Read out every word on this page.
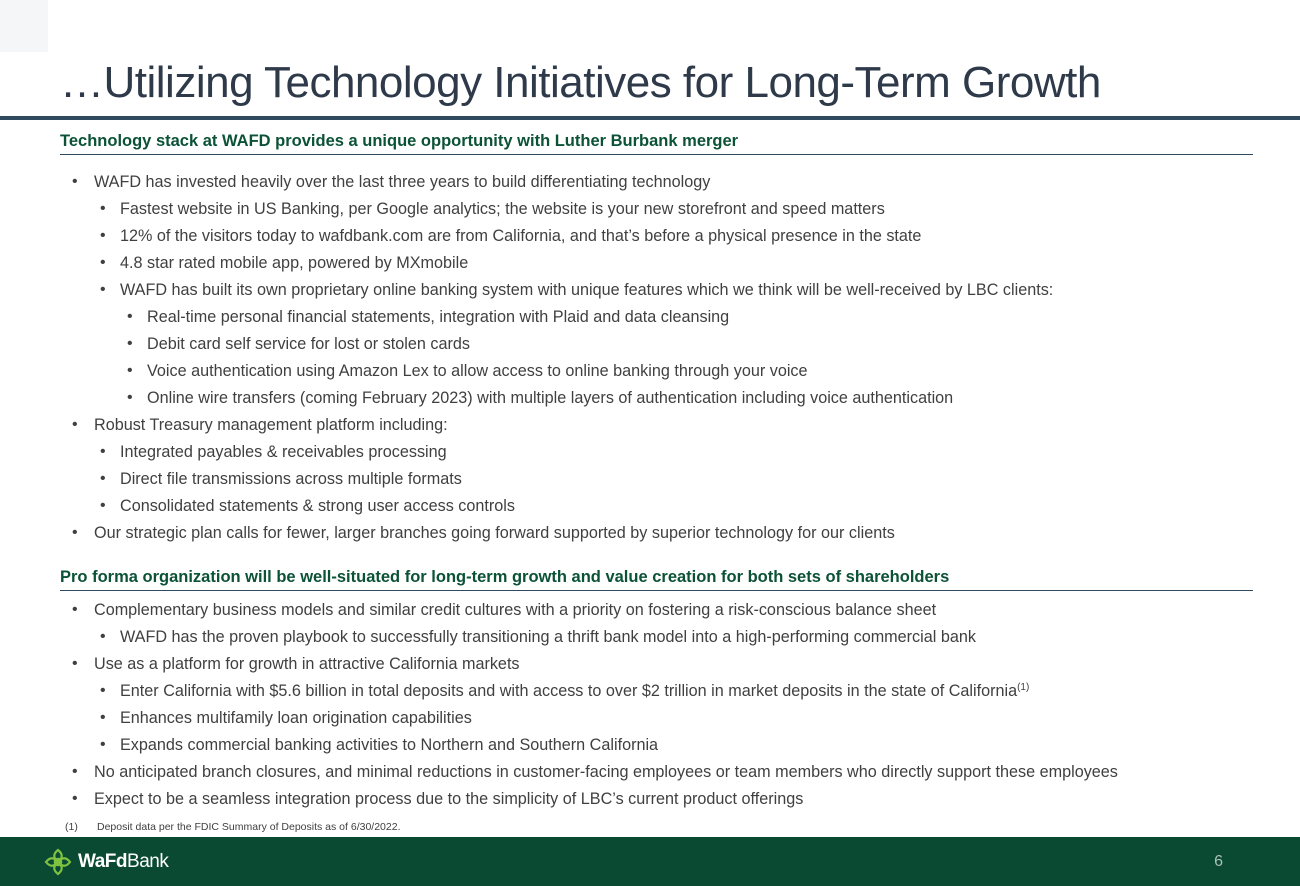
…Utilizing Technology Initiatives for Long-Term Growth
Technology stack at WAFD provides a unique opportunity with Luther Burbank merger
• WAFD has invested heavily over the last three years to build differentiating technology
• Fastest website in US Banking, per Google analytics; the website is your new storefront and speed matters
• 12% of the visitors today to wafdbank.com are from California, and that’s before a physical presence in the state
• 4.8 star rated mobile app, powered by MXmobile
• WAFD has built its own proprietary online banking system with unique features which we think will be well-received by LBC clients:
• Real-time personal financial statements, integration with Plaid and data cleansing
• Debit card self service for lost or stolen cards
• Voice authentication using Amazon Lex to allow access to online banking through your voice
• Online wire transfers (coming February 2023) with multiple layers of authentication including voice authentication
• Robust Treasury management platform including:
• Integrated payables & receivables processing
• Direct file transmissions across multiple formats
• Consolidated statements & strong user access controls
• Our strategic plan calls for fewer, larger branches going forward supported by superior technology for our clients
Pro forma organization will be well-situated for long-term growth and value creation for both sets of shareholders
• Complementary business models and similar credit cultures with a priority on fostering a risk-conscious balance sheet
• WAFD has the proven playbook to successfully transitioning a thrift bank model into a high-performing commercial bank
• Use as a platform for growth in attractive California markets
• Enter California with $5.6 billion in total deposits and with access to over $2 trillion in market deposits in the state of California$^{(1)}$
• Enhances multifamily loan origination capabilities
• Expands commercial banking activities to Northern and Southern California
• No anticipated branch closures, and minimal reductions in customer-facing employees or team members who directly support these employees
• Expect to be a seamless integration process due to the simplicity of LBC’s current product offerings
(1) Deposit data per the FDIC Summary of Deposits as of 6/30/2022.
WaFdBank	6
